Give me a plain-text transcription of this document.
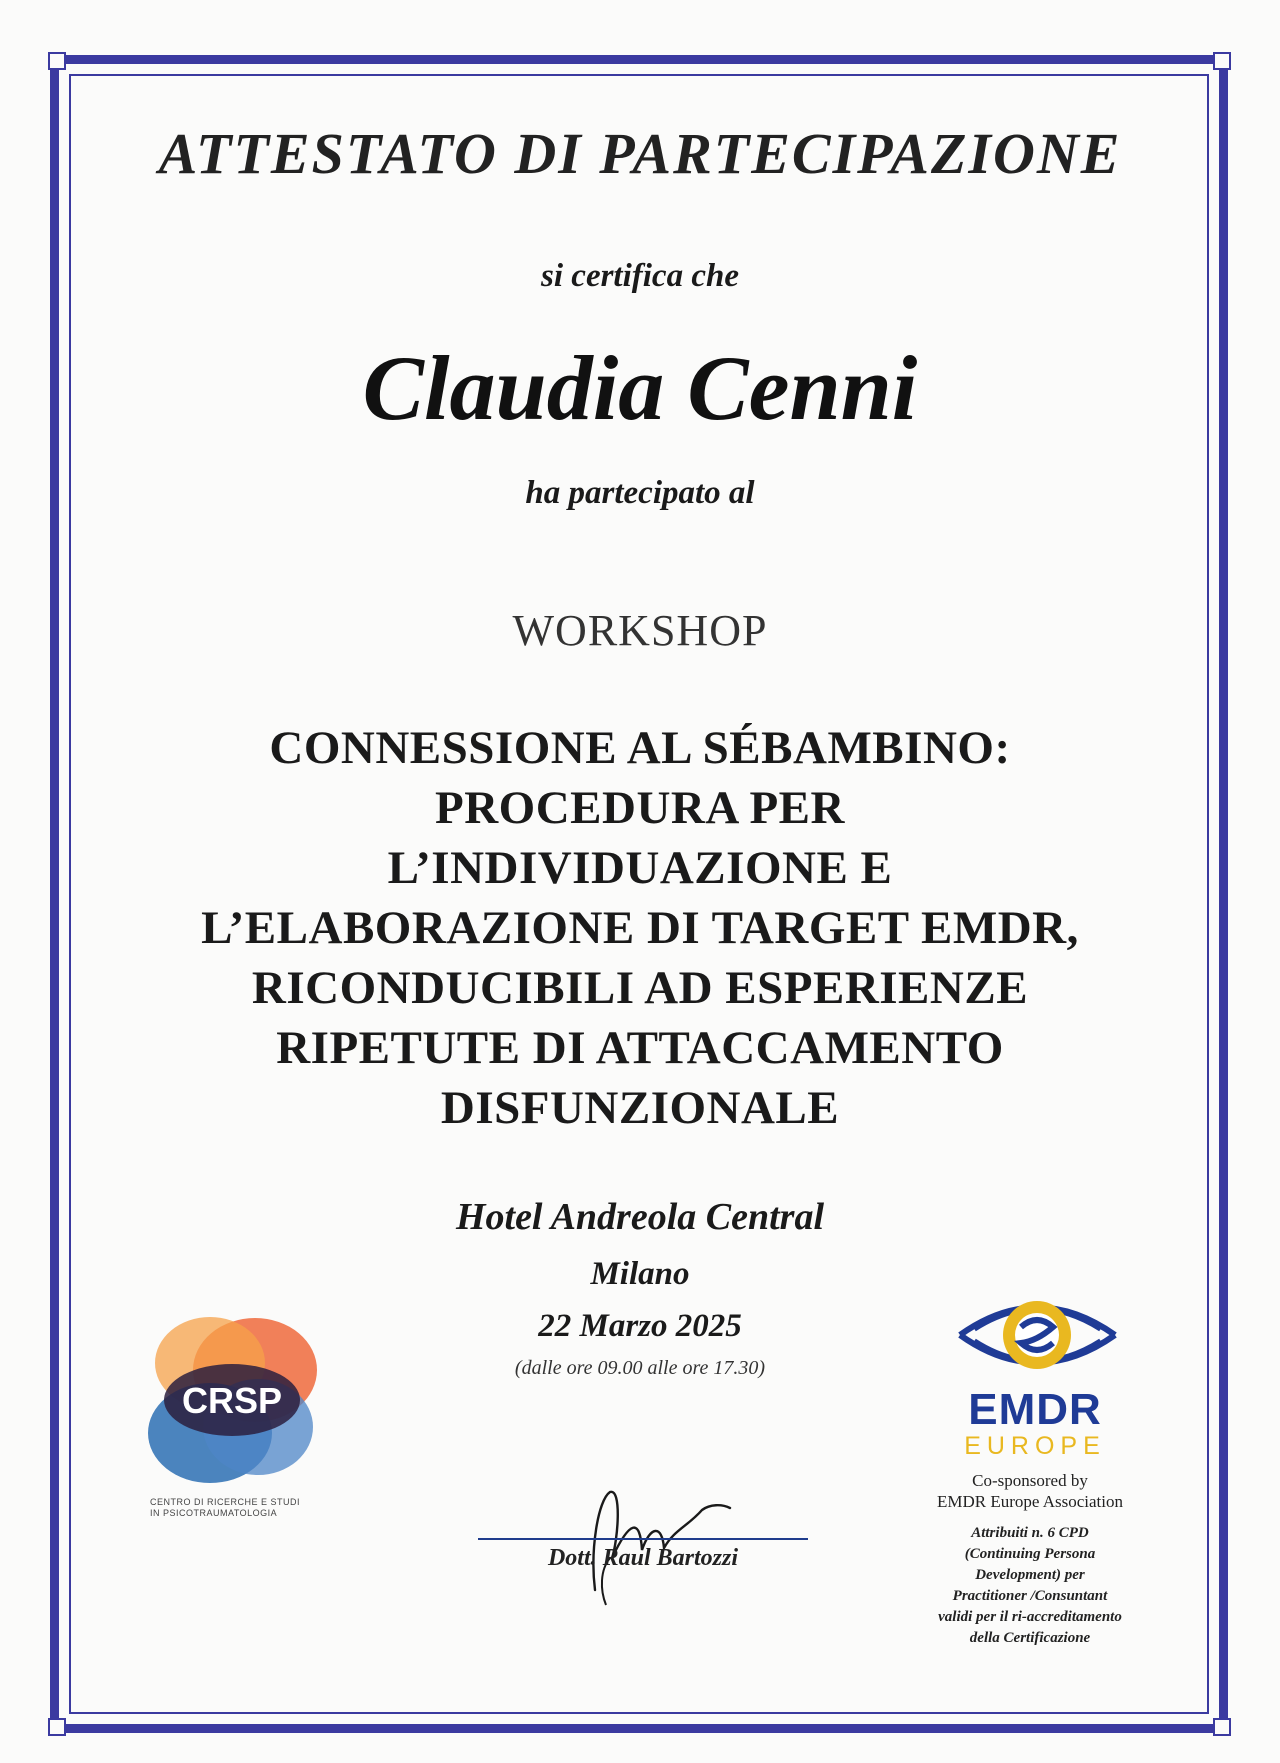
ATTESTATO DI PARTECIPAZIONE
si certifica che
Claudia Cenni
ha partecipato al
WORKSHOP
CONNESSIONE AL SÉBAMBINO:
PROCEDURA PER
L’INDIVIDUAZIONE E
L’ELABORAZIONE DI TARGET EMDR,
RICONDUCIBILI AD ESPERIENZE
RIPETUTE DI ATTACCAMENTO
DISFUNZIONALE
Hotel Andreola Central
Milano
22 Marzo 2025
(dalle ore 09.00 alle ore 17.30)
CRSP
CENTRO DI RICERCHE E STUDI
IN PSICOTRAUMATOLOGIA
Dott. Raul Bartozzi
EMDR
EUROPE
Co-sponsored by
EMDR Europe Association
Attribuiti n. 6 CPD
(Continuing Persona
Development) per
Practitioner /Consuntant
validi per il ri-accreditamento
della Certificazione
